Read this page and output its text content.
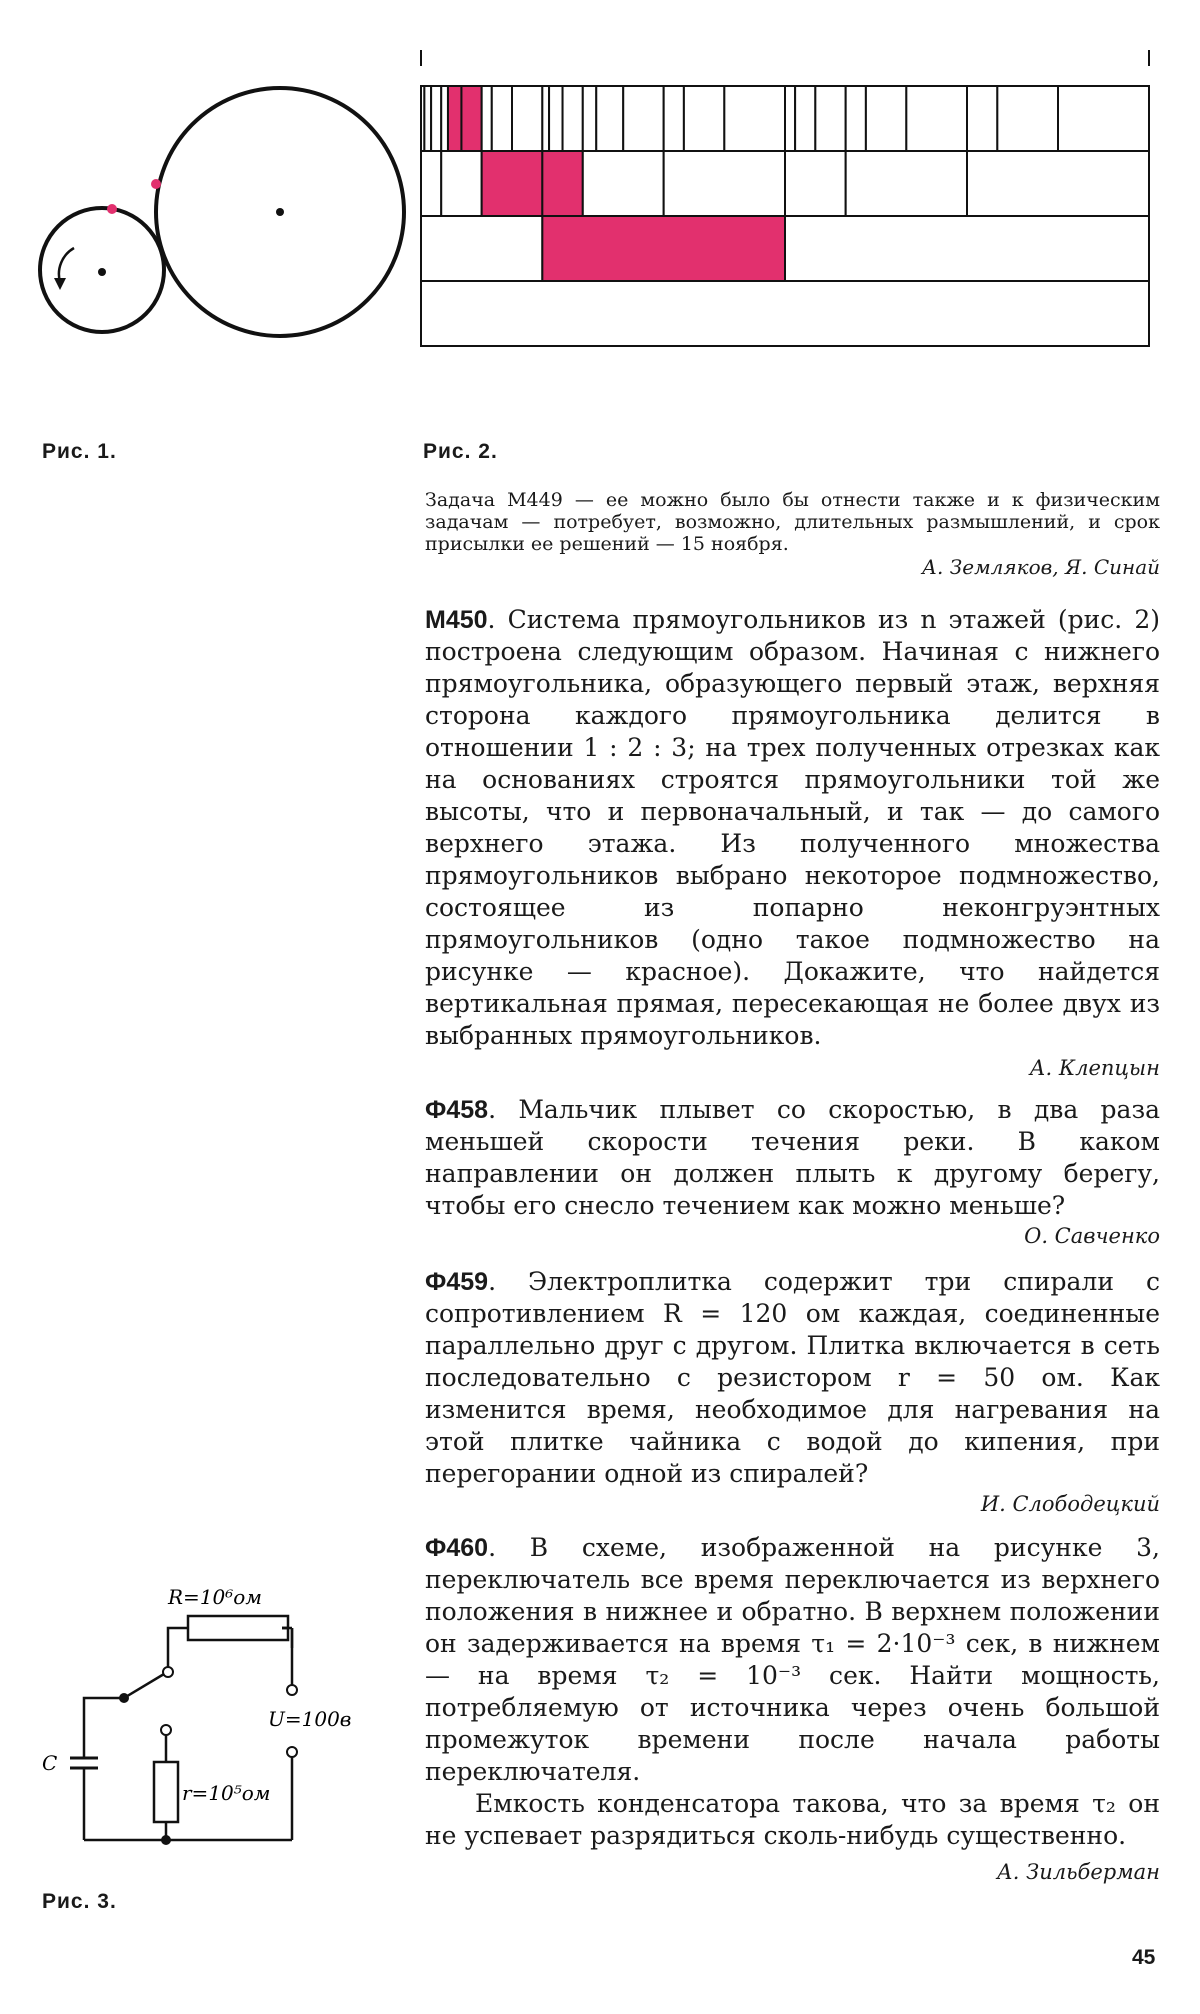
Рис. 1.	Рис. 2.
Задача М449 — ее можно было бы отнести также и к физическим задачам — потребует, возможно, длительных размышлений, и срок присылки ее решений — 15 ноября.
А. Земляков, Я. Синай
М450. Система прямоугольников из n этажей (рис. 2) построена следующим образом. Начиная с нижнего прямоугольника, образующего первый этаж, верхняя сторона каждого прямоугольника делится в отношении 1 : 2 : 3; на трех полученных отрезках как на основаниях строятся прямоугольники той же высоты, что и первоначальный, и так — до самого верхнего этажа. Из полученного множества прямоугольников выбрано некоторое подмножество, состоящее из попарно неконгруэнтных прямоугольников (одно такое подмножество на рисунке — красное). Докажите, что найдется вертикальная прямая, пересекающая не более двух из выбранных прямоугольников.
А. Клепцын
Ф458. Мальчик плывет со скоростью, в два раза меньшей скорости течения реки. В каком направлении он должен плыть к другому берегу, чтобы его снесло течением как можно меньше?
О. Савченко
Ф459. Электроплитка содержит три спирали с сопротивлением R = 120 ом каждая, соединенные параллельно друг с другом. Плитка включается в сеть последовательно с резистором r = 50 ом. Как изменится время, необходимое для нагревания на этой плитке чайника с водой до кипения, при перегорании одной из спиралей?
И. Слободецкий
Ф460. В схеме, изображенной на рисунке 3, переключатель все время переключается из верхнего положения в нижнее и обратно. В верхнем положении он задерживается на время τ₁ = 2·10⁻³ сек, в нижнем — на время τ₂ = 10⁻³ сек. Найти мощность, потребляемую от источника через очень большой промежуток времени после начала работы переключателя.
Емкость конденсатора такова, что за время τ₂ он не успевает разрядиться сколь-нибудь существенно.
А. Зильберман
R=10⁶ом
U=100в
r=10⁵ом
C
Рис. 3.
45
